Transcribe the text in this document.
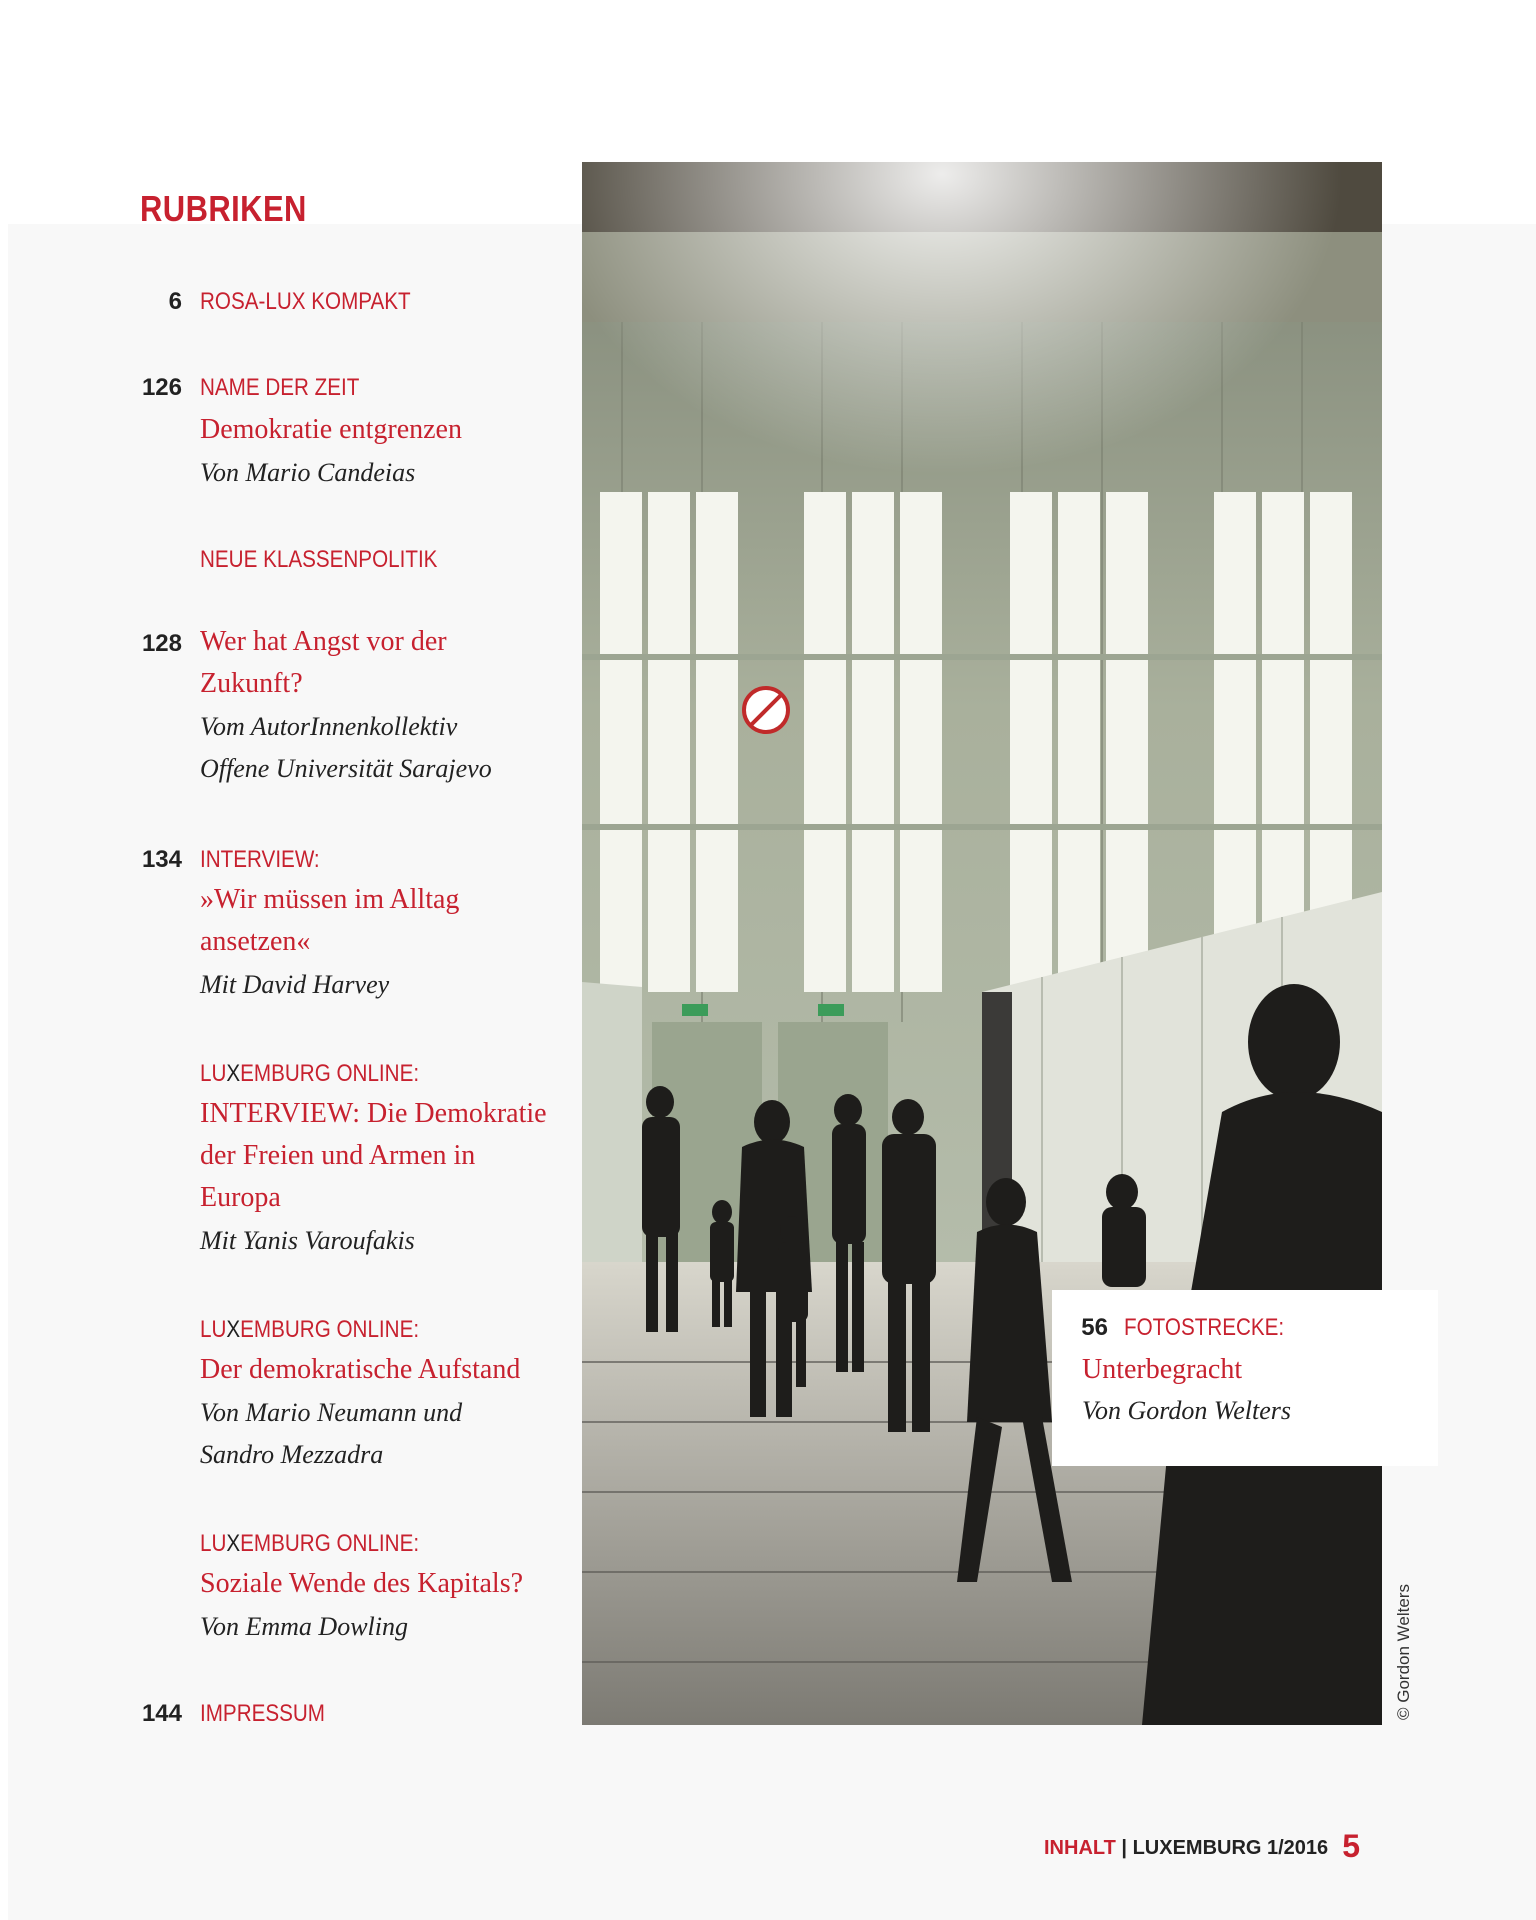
RUBRIKEN
6 ROSA-LUX KOMPAKT
126 NAME DER ZEIT
Demokratie entgrenzen
Von Mario Candeias
NEUE KLASSENPOLITIK
128 Wer hat Angst vor der
Zukunft?
Vom AutorInnenkollektiv
Offene Universität Sarajevo
134 INTERVIEW:
»Wir müssen im Alltag
ansetzen«
Mit David Harvey
LUXEMBURG ONLINE:
INTERVIEW: Die Demokratie
der Freien und Armen in
Europa
Mit Yanis Varoufakis
LUXEMBURG ONLINE:
Der demokratische Aufstand
Von Mario Neumann und
Sandro Mezzadra
LUXEMBURG ONLINE:
Soziale Wende des Kapitals?
Von Emma Dowling
144 IMPRESSUM
56 FOTOSTRECKE:
Unterbegracht
Von Gordon Welters
© Gordon Welters
INHALT | LUXEMBURG 1/2016 5
